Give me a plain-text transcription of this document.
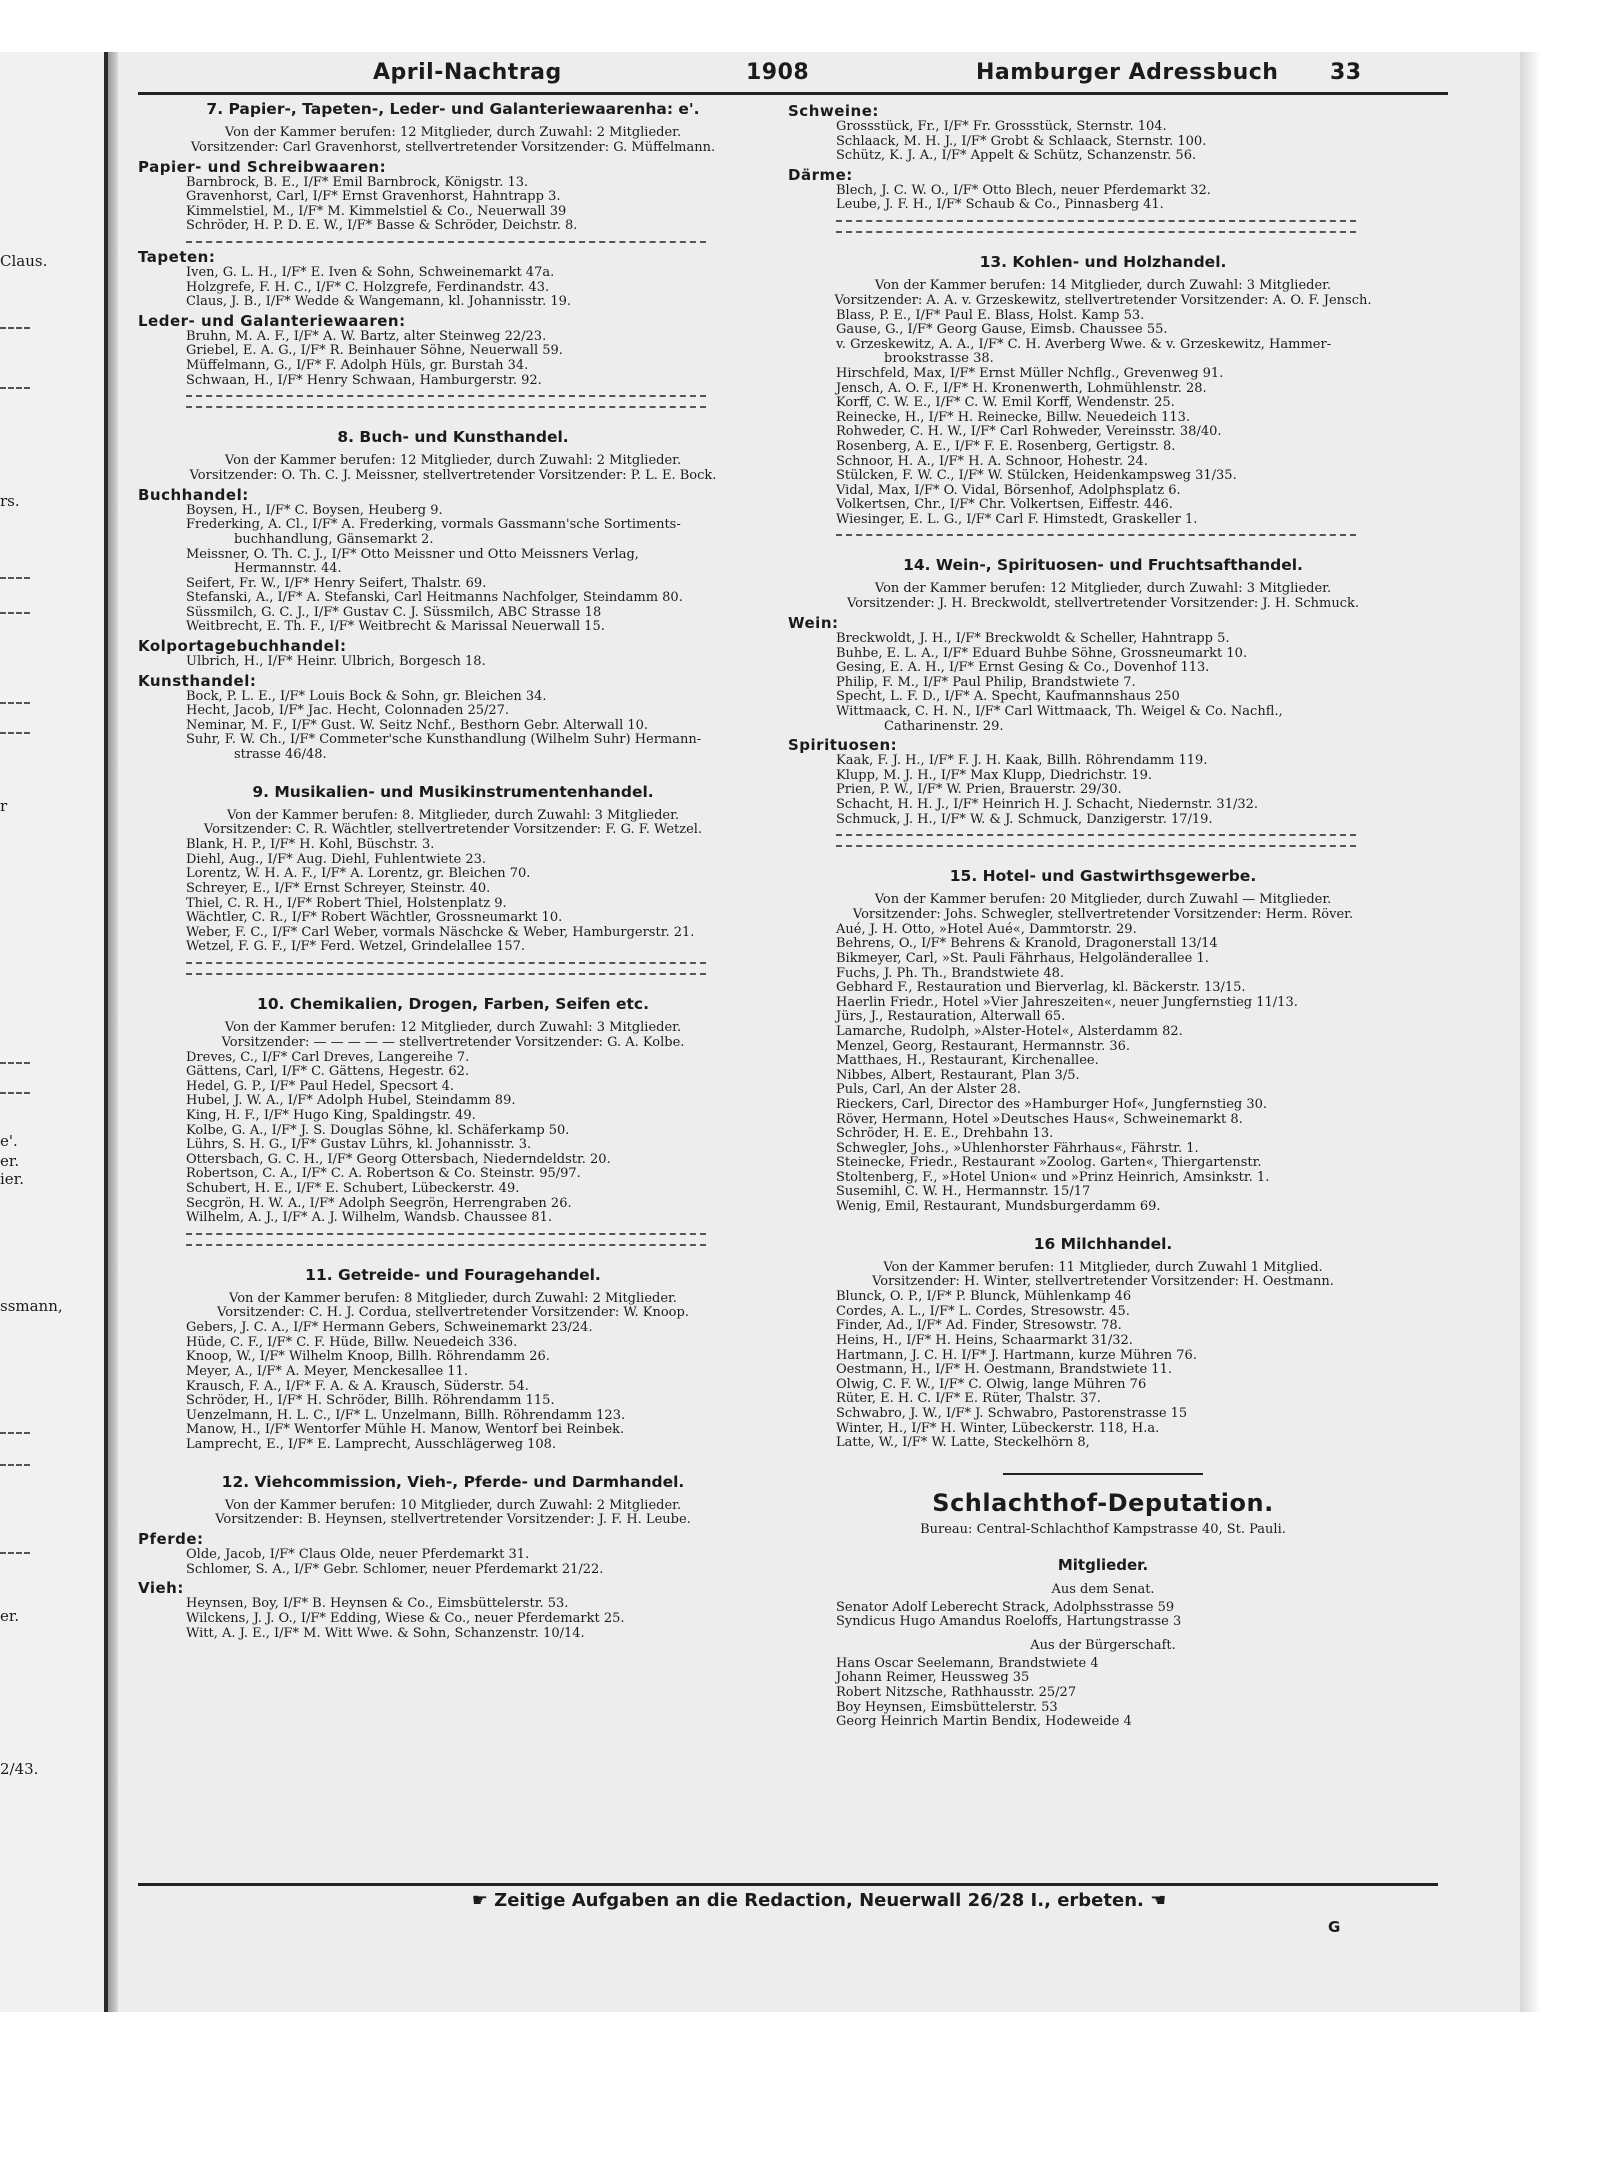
Claus.
rs.
r
e'.
er.
ier.
ssmann,
er.
2/43.
April-Nachtrag	1908	Hamburger Adressbuch 33
7. Papier-, Tapeten-, Leder- und Galanteriewaarenha: e'.
Von der Kammer berufen: 12 Mitglieder, durch Zuwahl: 2 Mitglieder.
Vorsitzender: Carl Gravenhorst, stellvertretender Vorsitzender: G. Müffelmann.
Papier- und Schreibwaaren:
Barnbrock, B. E., I/F* Emil Barnbrock, Königstr. 13.
Gravenhorst, Carl, I/F* Ernst Gravenhorst, Hahntrapp 3.
Kimmelstiel, M., I/F* M. Kimmelstiel & Co., Neuerwall 39
Schröder, H. P. D. E. W., I/F* Basse & Schröder, Deichstr. 8.
Tapeten:
Iven, G. L. H., I/F* E. Iven & Sohn, Schweinemarkt 47a.
Holzgrefe, F. H. C., I/F* C. Holzgrefe, Ferdinandstr. 43.
Claus, J. B., I/F* Wedde & Wangemann, kl. Johannisstr. 19.
Leder- und Galanteriewaaren:
Bruhn, M. A. F., I/F* A. W. Bartz, alter Steinweg 22/23.
Griebel, E. A. G., I/F* R. Beinhauer Söhne, Neuerwall 59.
Müffelmann, G., I/F* F. Adolph Hüls, gr. Burstah 34.
Schwaan, H., I/F* Henry Schwaan, Hamburgerstr. 92.
8. Buch- und Kunsthandel.
Von der Kammer berufen: 12 Mitglieder, durch Zuwahl: 2 Mitglieder.
Vorsitzender: O. Th. C. J. Meissner, stellvertretender Vorsitzender: P. L. E. Bock.
Buchhandel:
Boysen, H., I/F* C. Boysen, Heuberg 9.
Frederking, A. Cl., I/F* A. Frederking, vormals Gassmann'sche Sortiments-
buchhandlung, Gänsemarkt 2.
Meissner, O. Th. C. J., I/F* Otto Meissner und Otto Meissners Verlag,
Hermannstr. 44.
Seifert, Fr. W., I/F* Henry Seifert, Thalstr. 69.
Stefanski, A., I/F* A. Stefanski, Carl Heitmanns Nachfolger, Steindamm 80.
Süssmilch, G. C. J., I/F* Gustav C. J. Süssmilch, ABC Strasse 18
Weitbrecht, E. Th. F., I/F* Weitbrecht & Marissal Neuerwall 15.
Kolportagebuchhandel:
Ulbrich, H., I/F* Heinr. Ulbrich, Borgesch 18.
Kunsthandel:
Bock, P. L. E., I/F* Louis Bock & Sohn, gr. Bleichen 34.
Hecht, Jacob, I/F* Jac. Hecht, Colonnaden 25/27.
Neminar, M. F., I/F* Gust. W. Seitz Nchf., Besthorn Gebr. Alterwall 10.
Suhr, F. W. Ch., I/F* Commeter'sche Kunsthandlung (Wilhelm Suhr) Hermann-
strasse 46/48.
9. Musikalien- und Musikinstrumentenhandel.
Von der Kammer berufen: 8. Mitglieder, durch Zuwahl: 3 Mitglieder.
Vorsitzender: C. R. Wächtler, stellvertretender Vorsitzender: F. G. F. Wetzel.
Blank, H. P., I/F* H. Kohl, Büschstr. 3.
Diehl, Aug., I/F* Aug. Diehl, Fuhlentwiete 23.
Lorentz, W. H. A. F., I/F* A. Lorentz, gr. Bleichen 70.
Schreyer, E., I/F* Ernst Schreyer, Steinstr. 40.
Thiel, C. R. H., I/F* Robert Thiel, Holstenplatz 9.
Wächtler, C. R., I/F* Robert Wächtler, Grossneumarkt 10.
Weber, F. C., I/F* Carl Weber, vormals Näschcke & Weber, Hamburgerstr. 21.
Wetzel, F. G. F., I/F* Ferd. Wetzel, Grindelallee 157.
10. Chemikalien, Drogen, Farben, Seifen etc.
Von der Kammer berufen: 12 Mitglieder, durch Zuwahl: 3 Mitglieder.
Vorsitzender: — — — — — stellvertretender Vorsitzender: G. A. Kolbe.
Dreves, C., I/F* Carl Dreves, Langereihe 7.
Gättens, Carl, I/F* C. Gättens, Hegestr. 62.
Hedel, G. P., I/F* Paul Hedel, Specsort 4.
Hubel, J. W. A., I/F* Adolph Hubel, Steindamm 89.
King, H. F., I/F* Hugo King, Spaldingstr. 49.
Kolbe, G. A., I/F* J. S. Douglas Söhne, kl. Schäferkamp 50.
Lührs, S. H. G., I/F* Gustav Lührs, kl. Johannisstr. 3.
Ottersbach, G. C. H., I/F* Georg Ottersbach, Niederndeldstr. 20.
Robertson, C. A., I/F* C. A. Robertson & Co. Steinstr. 95/97.
Schubert, H. E., I/F* E. Schubert, Lübeckerstr. 49.
Secgrön, H. W. A., I/F* Adolph Seegrön, Herrengraben 26.
Wilhelm, A. J., I/F* A. J. Wilhelm, Wandsb. Chaussee 81.
11. Getreide- und Fouragehandel.
Von der Kammer berufen: 8 Mitglieder, durch Zuwahl: 2 Mitglieder.
Vorsitzender: C. H. J. Cordua, stellvertretender Vorsitzender: W. Knoop.
Gebers, J. C. A., I/F* Hermann Gebers, Schweinemarkt 23/24.
Hüde, C. F., I/F* C. F. Hüde, Billw. Neuedeich 336.
Knoop, W., I/F* Wilhelm Knoop, Billh. Röhrendamm 26.
Meyer, A., I/F* A. Meyer, Menckesallee 11.
Krausch, F. A., I/F* F. A. & A. Krausch, Süderstr. 54.
Schröder, H., I/F* H. Schröder, Billh. Röhrendamm 115.
Uenzelmann, H. L. C., I/F* L. Unzelmann, Billh. Röhrendamm 123.
Manow, H., I/F* Wentorfer Mühle H. Manow, Wentorf bei Reinbek.
Lamprecht, E., I/F* E. Lamprecht, Ausschlägerweg 108.
12. Viehcommission, Vieh-, Pferde- und Darmhandel.
Von der Kammer berufen: 10 Mitglieder, durch Zuwahl: 2 Mitglieder.
Vorsitzender: B. Heynsen, stellvertretender Vorsitzender: J. F. H. Leube.
Pferde:
Olde, Jacob, I/F* Claus Olde, neuer Pferdemarkt 31.
Schlomer, S. A., I/F* Gebr. Schlomer, neuer Pferdemarkt 21/22.
Vieh:
Heynsen, Boy, I/F* B. Heynsen & Co., Eimsbüttelerstr. 53.
Wilckens, J. J. O., I/F* Edding, Wiese & Co., neuer Pferdemarkt 25.
Witt, A. J. E., I/F* M. Witt Wwe. & Sohn, Schanzenstr. 10/14.
Schweine:
Grossstück, Fr., I/F* Fr. Grossstück, Sternstr. 104.
Schlaack, M. H. J., I/F* Grobt & Schlaack, Sternstr. 100.
Schütz, K. J. A., I/F* Appelt & Schütz, Schanzenstr. 56.
Därme:
Blech, J. C. W. O., I/F* Otto Blech, neuer Pferdemarkt 32.
Leube, J. F. H., I/F* Schaub & Co., Pinnasberg 41.
13. Kohlen- und Holzhandel.
Von der Kammer berufen: 14 Mitglieder, durch Zuwahl: 3 Mitglieder.
Vorsitzender: A. A. v. Grzeskewitz, stellvertretender Vorsitzender: A. O. F. Jensch.
Blass, P. E., I/F* Paul E. Blass, Holst. Kamp 53.
Gause, G., I/F* Georg Gause, Eimsb. Chaussee 55.
v. Grzeskewitz, A. A., I/F* C. H. Averberg Wwe. & v. Grzeskewitz, Hammer-
brookstrasse 38.
Hirschfeld, Max, I/F* Ernst Müller Nchflg., Grevenweg 91.
Jensch, A. O. F., I/F* H. Kronenwerth, Lohmühlenstr. 28.
Korff, C. W. E., I/F* C. W. Emil Korff, Wendenstr. 25.
Reinecke, H., I/F* H. Reinecke, Billw. Neuedeich 113.
Rohweder, C. H. W., I/F* Carl Rohweder, Vereinsstr. 38/40.
Rosenberg, A. E., I/F* F. E. Rosenberg, Gertigstr. 8.
Schnoor, H. A., I/F* H. A. Schnoor, Hohestr. 24.
Stülcken, F. W. C., I/F* W. Stülcken, Heidenkampsweg 31/35.
Vidal, Max, I/F* O. Vidal, Börsenhof, Adolphsplatz 6.
Volkertsen, Chr., I/F* Chr. Volkertsen, Eiffestr. 446.
Wiesinger, E. L. G., I/F* Carl F. Himstedt, Graskeller 1.
14. Wein-, Spirituosen- und Fruchtsafthandel.
Von der Kammer berufen: 12 Mitglieder, durch Zuwahl: 3 Mitglieder.
Vorsitzender: J. H. Breckwoldt, stellvertretender Vorsitzender: J. H. Schmuck.
Wein:
Breckwoldt, J. H., I/F* Breckwoldt & Scheller, Hahntrapp 5.
Buhbe, E. L. A., I/F* Eduard Buhbe Söhne, Grossneumarkt 10.
Gesing, E. A. H., I/F* Ernst Gesing & Co., Dovenhof 113.
Philip, F. M., I/F* Paul Philip, Brandstwiete 7.
Specht, L. F. D., I/F* A. Specht, Kaufmannshaus 250
Wittmaack, C. H. N., I/F* Carl Wittmaack, Th. Weigel & Co. Nachfl.,
Catharinenstr. 29.
Spirituosen:
Kaak, F. J. H., I/F* F. J. H. Kaak, Billh. Röhrendamm 119.
Klupp, M. J. H., I/F* Max Klupp, Diedrichstr. 19.
Prien, P. W., I/F* W. Prien, Brauerstr. 29/30.
Schacht, H. H. J., I/F* Heinrich H. J. Schacht, Niedernstr. 31/32.
Schmuck, J. H., I/F* W. & J. Schmuck, Danzigerstr. 17/19.
15. Hotel- und Gastwirthsgewerbe.
Von der Kammer berufen: 20 Mitglieder, durch Zuwahl — Mitglieder.
Vorsitzender: Johs. Schwegler, stellvertretender Vorsitzender: Herm. Röver.
Aué, J. H. Otto, »Hotel Aué«, Dammtorstr. 29.
Behrens, O., I/F* Behrens & Kranold, Dragonerstall 13/14
Bikmeyer, Carl, »St. Pauli Fährhaus, Helgoländerallee 1.
Fuchs, J. Ph. Th., Brandstwiete 48.
Gebhard F., Restauration und Bierverlag, kl. Bäckerstr. 13/15.
Haerlin Friedr., Hotel »Vier Jahreszeiten«, neuer Jungfernstieg 11/13.
Jürs, J., Restauration, Alterwall 65.
Lamarche, Rudolph, »Alster-Hotel«, Alsterdamm 82.
Menzel, Georg, Restaurant, Hermannstr. 36.
Matthaes, H., Restaurant, Kirchenallee.
Nibbes, Albert, Restaurant, Plan 3/5.
Puls, Carl, An der Alster 28.
Rieckers, Carl, Director des »Hamburger Hof«, Jungfernstieg 30.
Röver, Hermann, Hotel »Deutsches Haus«, Schweinemarkt 8.
Schröder, H. E. E., Drehbahn 13.
Schwegler, Johs., »Uhlenhorster Fährhaus«, Fährstr. 1.
Steinecke, Friedr., Restaurant »Zoolog. Garten«, Thiergartenstr.
Stoltenberg, F., »Hotel Union« und »Prinz Heinrich, Amsinkstr. 1.
Susemihl, C. W. H., Hermannstr. 15/17
Wenig, Emil, Restaurant, Mundsburgerdamm 69.
16 Milchhandel.
Von der Kammer berufen: 11 Mitglieder, durch Zuwahl 1 Mitglied.
Vorsitzender: H. Winter, stellvertretender Vorsitzender: H. Oestmann.
Blunck, O. P., I/F* P. Blunck, Mühlenkamp 46
Cordes, A. L., I/F* L. Cordes, Stresowstr. 45.
Finder, Ad., I/F* Ad. Finder, Stresowstr. 78.
Heins, H., I/F* H. Heins, Schaarmarkt 31/32.
Hartmann, J. C. H. I/F* J. Hartmann, kurze Mühren 76.
Oestmann, H., I/F* H. Oestmann, Brandstwiete 11.
Olwig, C. F. W., I/F* C. Olwig, lange Mühren 76
Rüter, E. H. C. I/F* E. Rüter, Thalstr. 37.
Schwabro, J. W., I/F* J. Schwabro, Pastorenstrasse 15
Winter, H., I/F* H. Winter, Lübeckerstr. 118, H.a.
Latte, W., I/F* W. Latte, Steckelhörn 8,
Schlachthof-Deputation.
Bureau: Central-Schlachthof Kampstrasse 40, St. Pauli.
Mitglieder.
Aus dem Senat.
Senator Adolf Leberecht Strack, Adolphsstrasse 59
Syndicus Hugo Amandus Roeloffs, Hartungstrasse 3
Aus der Bürgerschaft.
Hans Oscar Seelemann, Brandstwiete 4
Johann Reimer, Heussweg 35
Robert Nitzsche, Rathhausstr. 25/27
Boy Heynsen, Eimsbüttelerstr. 53
Georg Heinrich Martin Bendix, Hodeweide 4
☛ Zeitige Aufgaben an die Redaction, Neuerwall 26/28 I., erbeten. ☚
G
